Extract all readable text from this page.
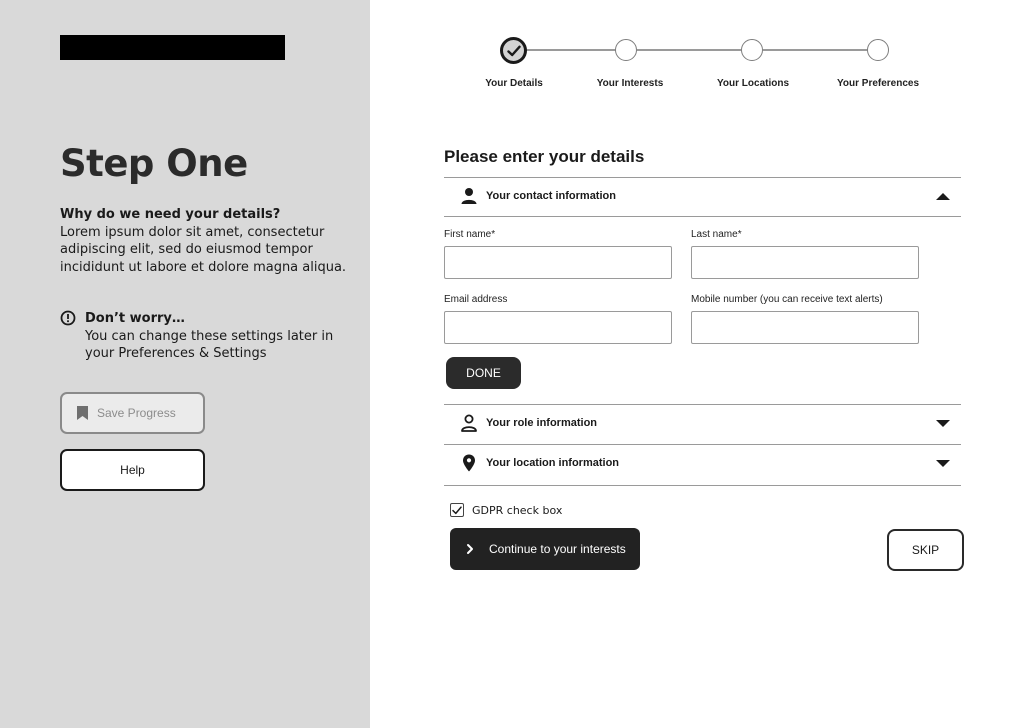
Step One
Why do we need your details?
Lorem ipsum dolor sit amet, consectetur adipiscing elit, sed do eiusmod tempor incididunt ut labore et dolore magna aliqua.
Don’t worry…
You can change these settings later in your Preferences & Settings
Save Progress
Help
Your Details	Your Interests	Your Locations	Your Preferences
Please enter your details
Your contact information
First name*	Last name*
Email address	Mobile number (you can receive text alerts)
DONE
Your role information
Your location information
GDPR check box
Continue to your interests	SKIP
